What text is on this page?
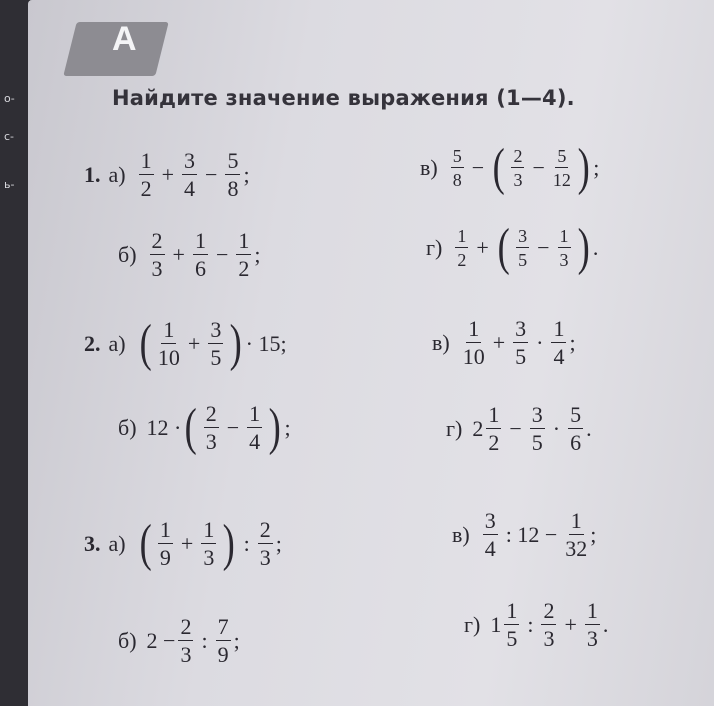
о-
с-
ь-
А
Найдите значение выражения (1—4).
1. $а) \frac{1}{2} + \frac{3}{4} - \frac{5}{8}$ ;
$б) \frac{2}{3} + \frac{1}{6} - \frac{1}{2}$ ;
$в) \frac{5}{8}$ − ( $\frac{2}{3} - \frac{5}{12}$ ) ;
$г) \frac{1}{2}$ + ( $\frac{3}{5} - \frac{1}{3}$ ) .
2. а) ( $\frac{1}{10} + \frac{3}{5}$ ) · 15;
б) 12 · ( $\frac{2}{3} - \frac{1}{4}$ ) ;
$в) \frac{1}{10} + \frac{3}{5} \cdot \frac{1}{4}$ ;
г) $2 \frac{1}{2} - \frac{3}{5} \cdot \frac{5}{6}$ .
3. а) ( $\frac{1}{9} + \frac{1}{3}$ ) : $\frac{2}{3}$ ;
б) $2 - \frac{2}{3}$ : $\frac{7}{9}$ ;
$в) \frac{3}{4}$ : $12 - \frac{1}{32}$ ;
г) $1 \frac{1}{5}$ : $\frac{2}{3} + \frac{1}{3}$ .
